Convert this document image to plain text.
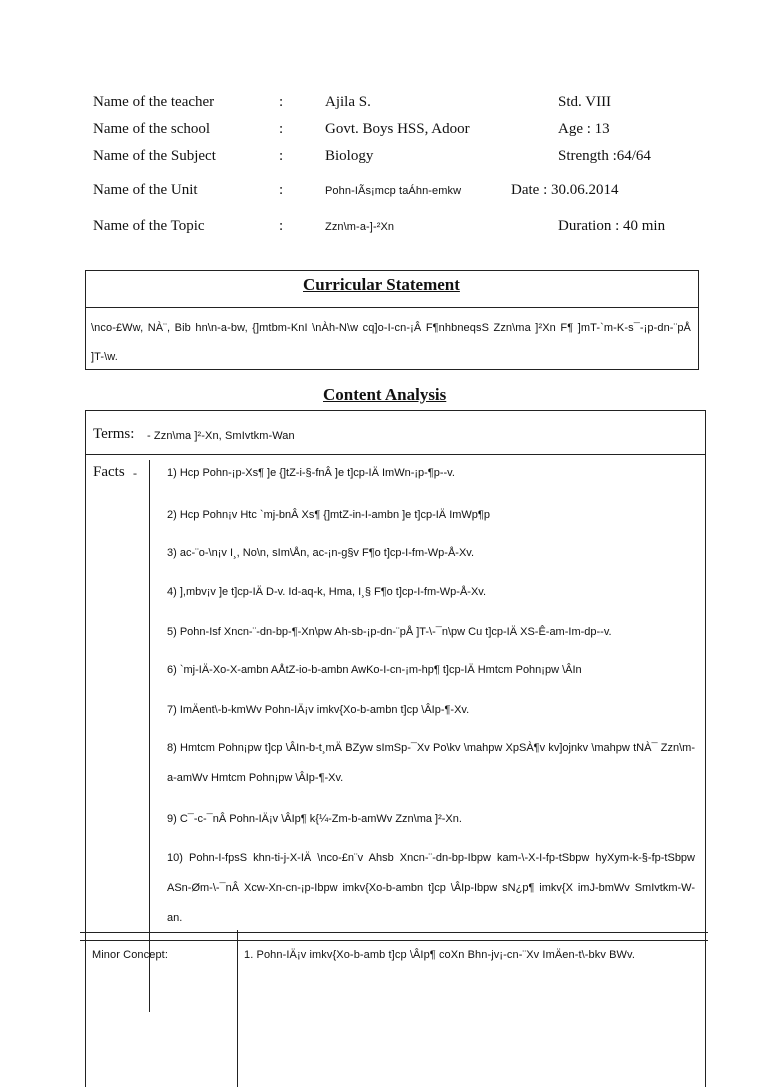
Name of the teacher	:	Ajila S.	Std. VIII
Name of the school	:	Govt. Boys HSS, Adoor	Age : 13
Name of the Subject	:	Biology	Strength :64/64
Name of the Unit	:	Pohn-IÃs¡mcp taÁhn-emkw	Date : 30.06.2014
Name of the Topic	:	Zzn\m-a-]-²Xn	Duration : 40 min
Curricular Statement
\nco-£Ww, NÀ¨, Bib hn\n-a-bw, {]mtbm-KnI \nÀh-N\w cq]o-I-cn-¡Â F¶nhbneqsS Zzn\ma ]²Xn F¶ ]mT-`m-K-s¯-¡p-dn-¨pÅ ]T-\w.
Content Analysis
Terms: - Zzn\ma ]²-Xn, SmIvtkm-Wan
Facts -	1) Hcp Pohn-¡p-Xs¶ ]e {]tZ-i-§-fnÂ ]e t]cp-IÄ ImWn-¡p-¶p--v.
2) Hcp Pohn¡v Htc `mj-bnÂ Xs¶ {]mtZ-in-I-ambn ]e t]cp-IÄ ImWp¶p
3) ac-¨o-\n¡v I¸, No\n, sIm\Ån, ac-¡n-g§v F¶o t]cp-I-fm-Wp-Å-Xv.
4) ],mbv¡v ]e t]cp-IÄ D-v. Id-aq-k, Hma, I¸§ F¶o t]cp-I-fm-Wp-Å-Xv.
5) Pohn-Isf Xncn-¨-dn-bp-¶-Xn\pw Ah-sb-¡p-dn-¨pÅ ]T-\-¯n\pw Cu t]cp-IÄ XS-Ê-am-Im-dp--v.
6) `mj-IÄ-Xo-X-ambn AÅtZ-io-b-ambn AwKo-I-cn-¡m-hp¶ t]cp-IÄ Hmtcm Pohn¡pw \ÂIn
7) ImÄent\-b-kmWv Pohn-IÄ¡v imkv{Xo-b-ambn t]cp \ÂIp-¶-Xv.
8) Hmtcm Pohn¡pw t]cp \ÂIn-b-t¸mÄ BZyw sImSp-¯Xv Po\kv \mahpw XpSÀ¶v kv]ojnkv \mahpw tNÀ¯ Zzn\m-a-amWv Hmtcm Pohn¡pw \ÂIp-¶-Xv.
9) C¯-c-¯nÂ Pohn-IÄ¡v \ÂIp¶ k{¼-Zm-b-amWv Zzn\ma ]²-Xn.
10) Pohn-I-fpsS khn-ti-j-X-IÄ \nco-£n¨v Ahsb Xncn-¨-dn-bp-Ibpw kam-\-X-I-fp-tSbpw hyXym-k-§-fp-tSbpw ASn-Øm-\-¯nÂ Xcw-Xn-cn-¡p-Ibpw imkv{Xo-b-ambn t]cp \ÂIp-Ibpw sN¿p¶ imkv{X imJ-bmWv SmIvtkm-W-an.
Minor Concept:	1. Pohn-IÄ¡v imkv{Xo-b-amb t]cp \ÂIp¶ coXn Bhn-jv¡-cn-¨Xv ImÄen-t\-bkv BWv.
